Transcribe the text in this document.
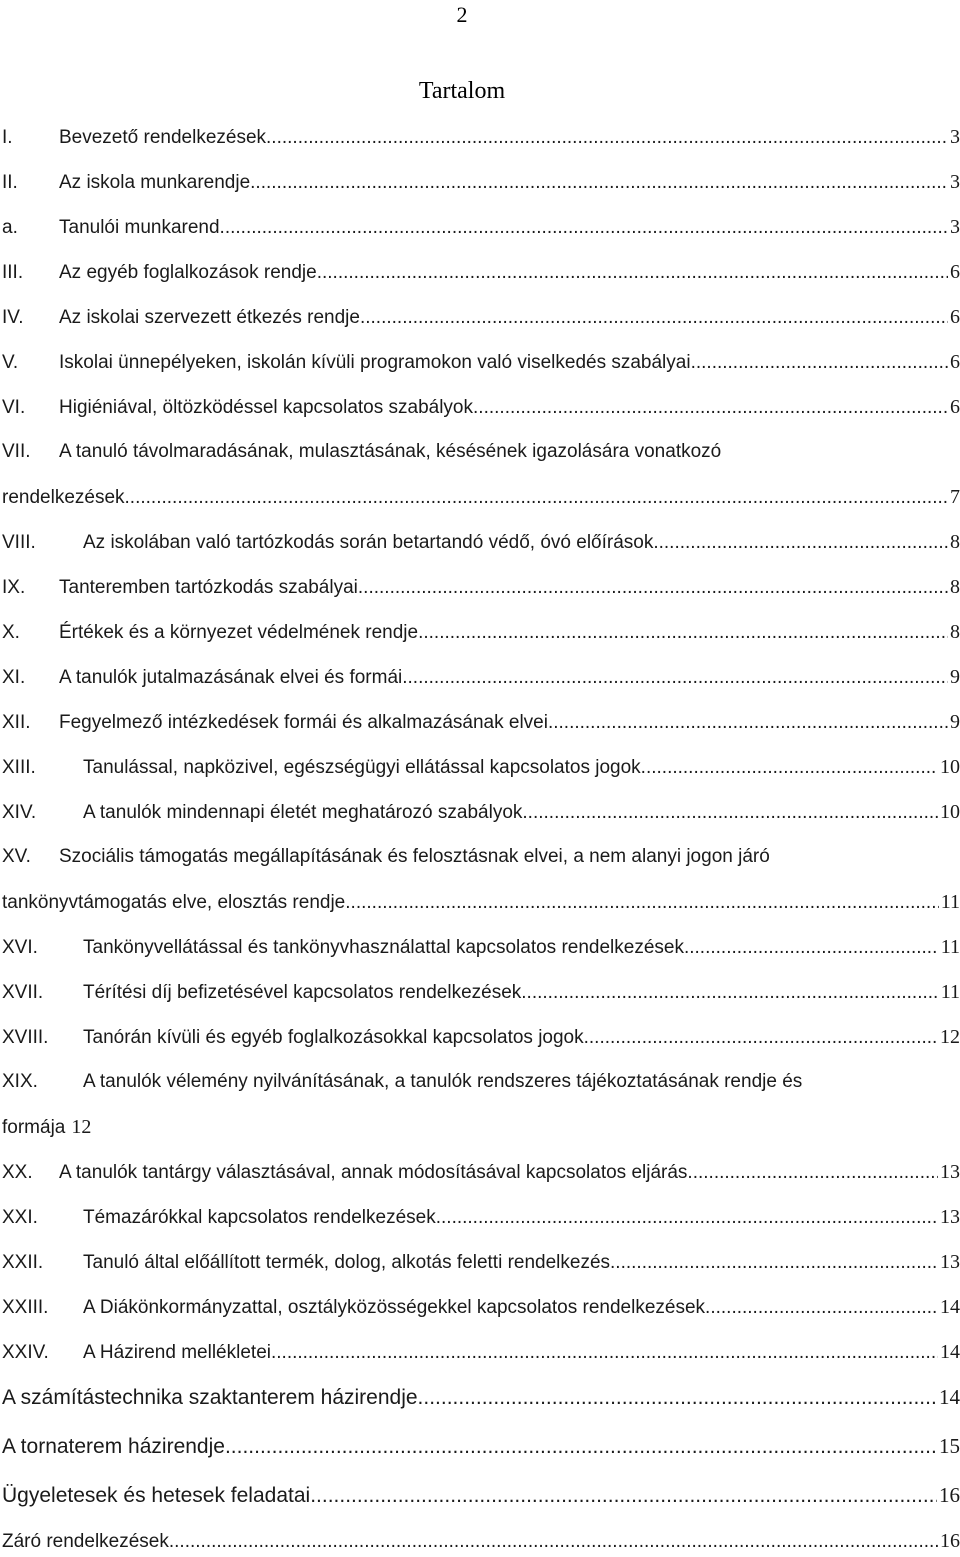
2
Tartalom
I.	Bevezető rendelkezések .....	3
II.	Az iskola munkarendje .....	3
a.	Tanulói munkarend .....	3
III.	Az egyéb foglalkozások rendje .....	6
IV.	Az iskolai szervezett étkezés rendje .....	6
V.	Iskolai ünnepélyeken, iskolán kívüli programokon való viselkedés szabályai .....	6
VI.	Higiéniával, öltözködéssel kapcsolatos szabályok .....	6
VII. A tanuló távolmaradásának, mulasztásának, késésének igazolására vonatkozó
rendelkezések .....	7
VIII.	Az iskolában való tartózkodás során betartandó védő, óvó előírások .....	8
IX.	Tanteremben tartózkodás szabályai .....	8
X.	Értékek és a környezet védelmének rendje .....	8
XI.	A tanulók jutalmazásának elvei és formái .....	9
XII.	Fegyelmező intézkedések formái és alkalmazásának elvei .....	9
XIII.	Tanulással, napközivel, egészségügyi ellátással kapcsolatos jogok .....	10
XIV.	A tanulók mindennapi életét meghatározó szabályok .....	10
XV. Szociális támogatás megállapításának és felosztásnak elvei, a nem alanyi jogon járó
tankönyvtámogatás elve, elosztás rendje .....	11
XVI.	Tankönyvellátással és tankönyvhasználattal kapcsolatos rendelkezések .....	11
XVII.	Térítési díj befizetésével kapcsolatos rendelkezések .....	11
XVIII.	Tanórán kívüli és egyéb foglalkozásokkal kapcsolatos jogok .....	12
XIX. A tanulók vélemény nyilvánításának, a tanulók rendszeres tájékoztatásának rendje és
formája 12
XX.	A tanulók tantárgy választásával, annak módosításával kapcsolatos eljárás .....	13
XXI.	Témazárókkal kapcsolatos rendelkezések .....	13
XXII.	Tanuló által előállított termék, dolog, alkotás feletti rendelkezés .....	13
XXIII.	A Diákönkormányzattal, osztályközösségekkel kapcsolatos rendelkezések .....	14
XXIV.	A Házirend mellékletei .....	14
A számítástechnika szaktanterem házirendje .....	14
A tornaterem házirendje .....	15
Ügyeletesek és hetesek feladatai .....	16
Záró rendelkezések .....	16
